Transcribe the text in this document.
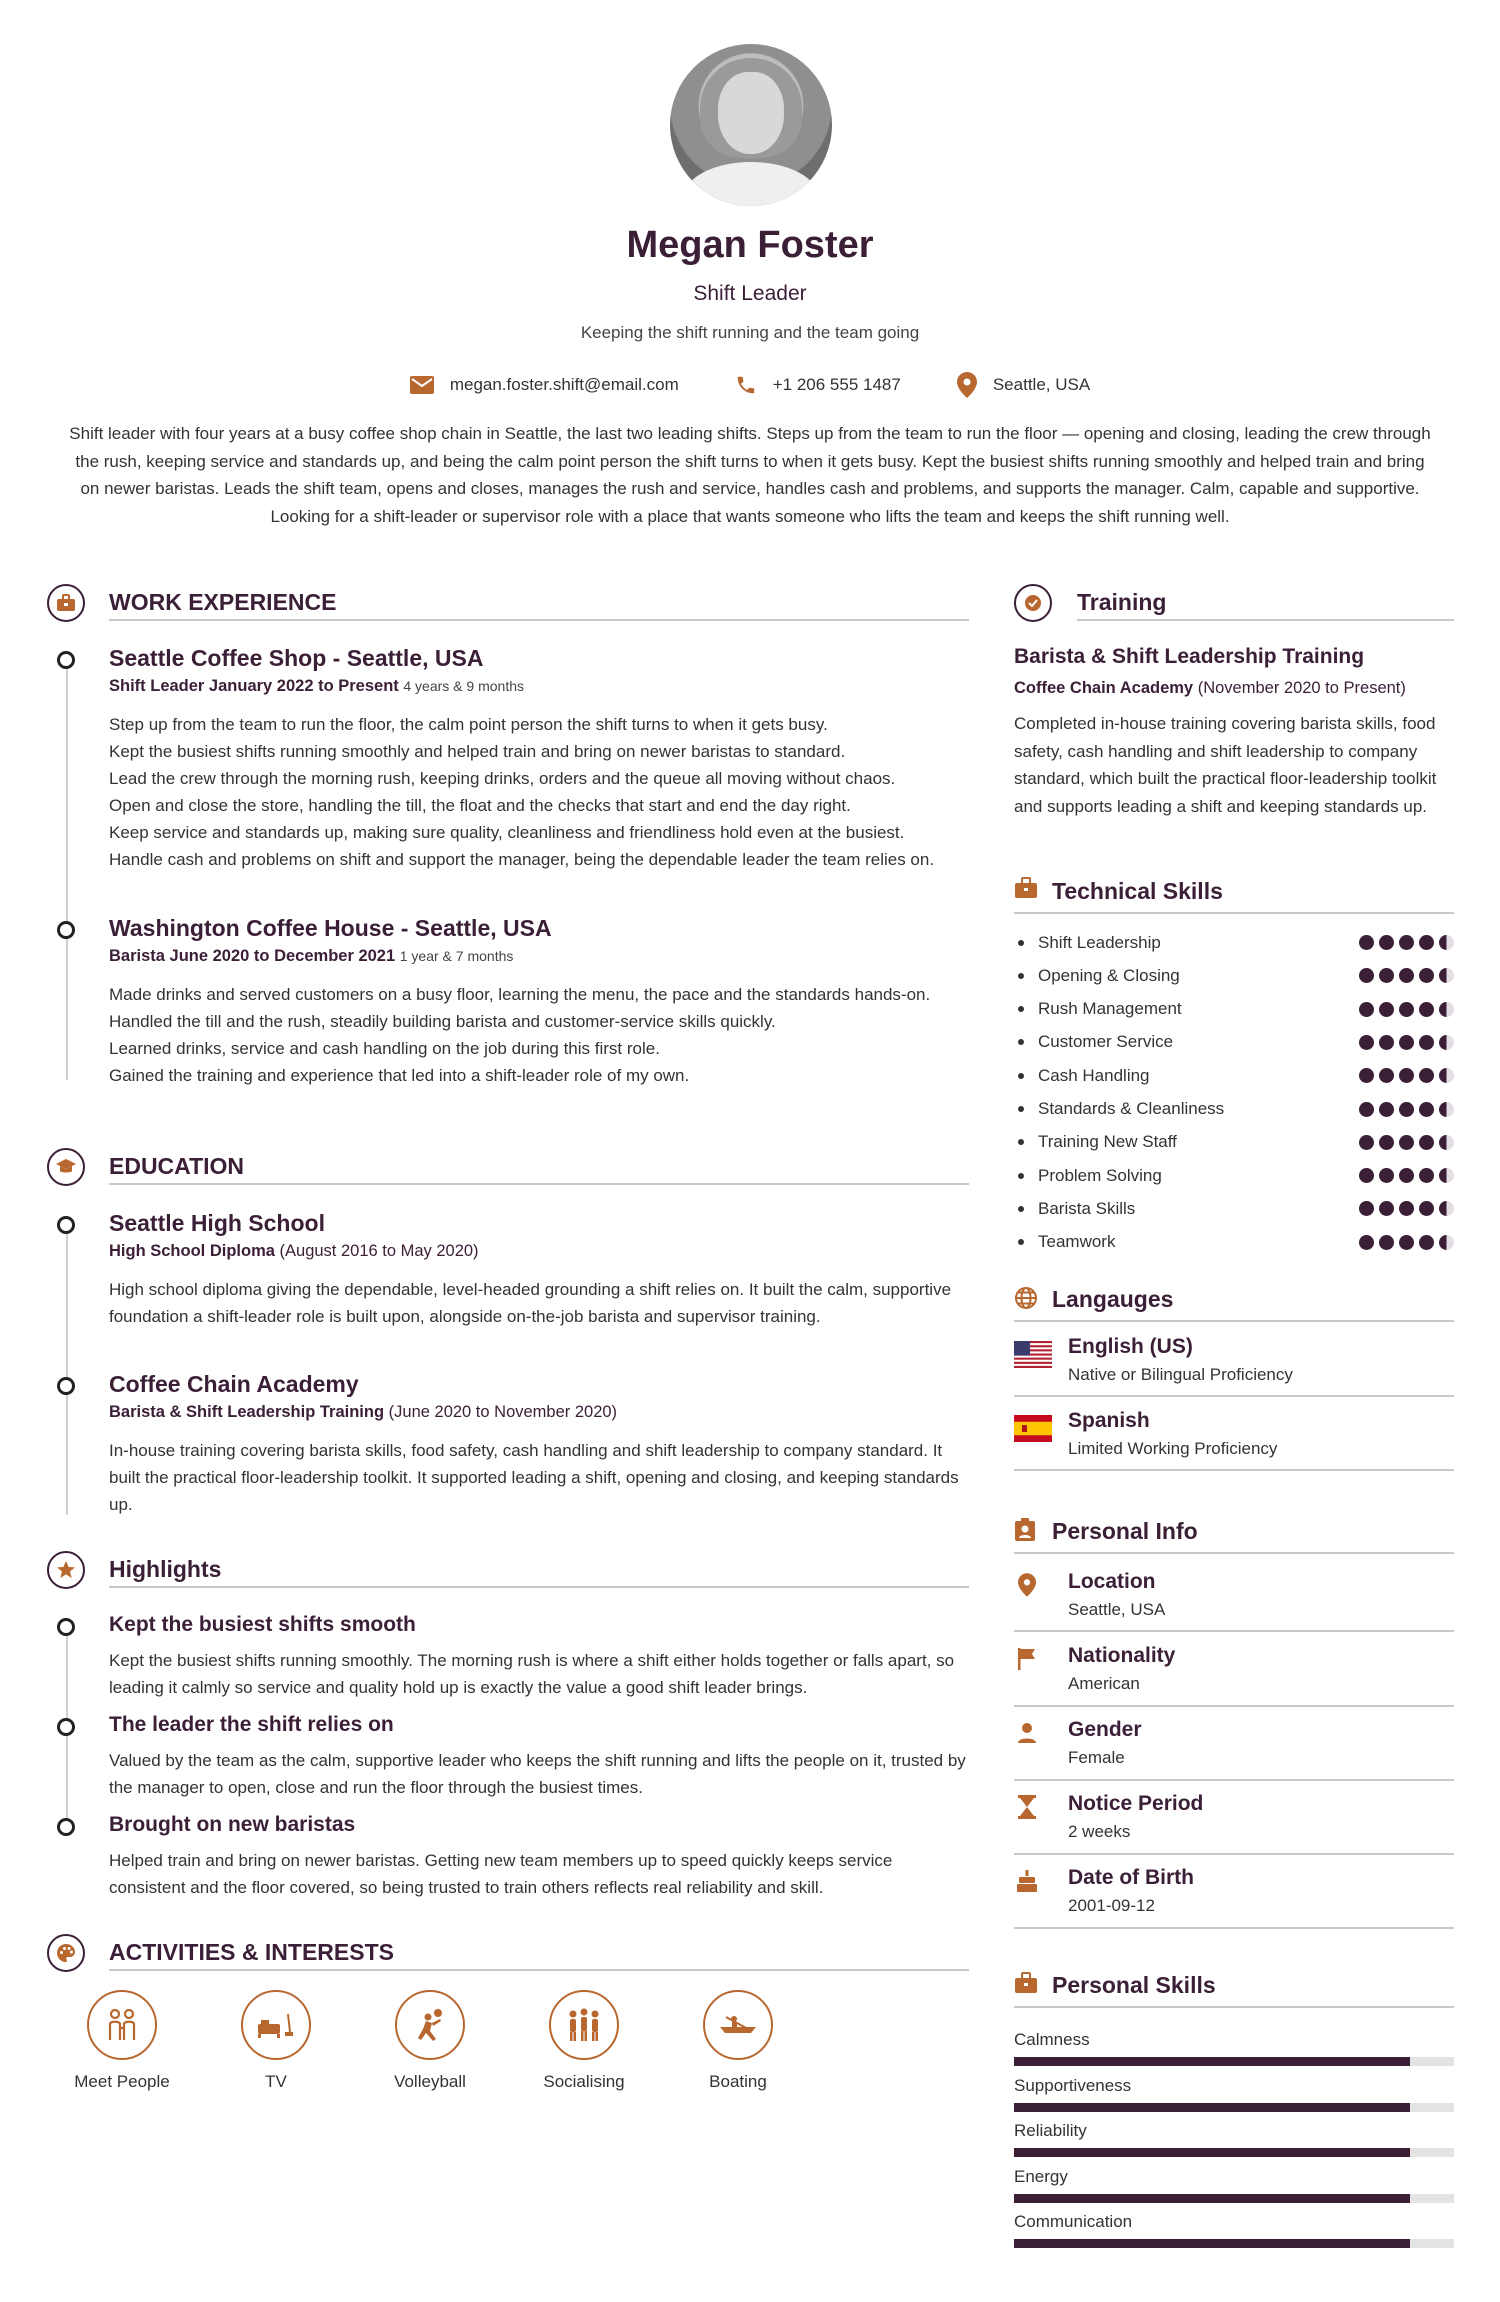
Megan Foster
Shift Leader
Keeping the shift running and the team going
megan.foster.shift@email.com	+1 206 555 1487	Seattle, USA
Shift leader with four years at a busy coffee shop chain in Seattle, the last two leading shifts. Steps up from the team to run the floor — opening and closing, leading the crew through the rush, keeping service and standards up, and being the calm point person the shift turns to when it gets busy. Kept the busiest shifts running smoothly and helped train and bring on newer baristas. Leads the shift team, opens and closes, manages the rush and service, handles cash and problems, and supports the manager. Calm, capable and supportive. Looking for a shift-leader or supervisor role with a place that wants someone who lifts the team and keeps the shift running well.
WORK EXPERIENCE
Seattle Coffee Shop - Seattle, USA
Shift Leader January 2022 to Present 4 years & 9 months
Step up from the team to run the floor, the calm point person the shift turns to when it gets busy.
Kept the busiest shifts running smoothly and helped train and bring on newer baristas to standard.
Lead the crew through the morning rush, keeping drinks, orders and the queue all moving without chaos.
Open and close the store, handling the till, the float and the checks that start and end the day right.
Keep service and standards up, making sure quality, cleanliness and friendliness hold even at the busiest.
Handle cash and problems on shift and support the manager, being the dependable leader the team relies on.
Washington Coffee House - Seattle, USA
Barista June 2020 to December 2021 1 year & 7 months
Made drinks and served customers on a busy floor, learning the menu, the pace and the standards hands-on.
Handled the till and the rush, steadily building barista and customer-service skills quickly.
Learned drinks, service and cash handling on the job during this first role.
Gained the training and experience that led into a shift-leader role of my own.
EDUCATION
Seattle High School
High School Diploma (August 2016 to May 2020)
High school diploma giving the dependable, level-headed grounding a shift relies on. It built the calm, supportive foundation a shift-leader role is built upon, alongside on-the-job barista and supervisor training.
Coffee Chain Academy
Barista & Shift Leadership Training (June 2020 to November 2020)
In-house training covering barista skills, food safety, cash handling and shift leadership to company standard. It built the practical floor-leadership toolkit. It supported leading a shift, opening and closing, and keeping standards up.
Highlights
Kept the busiest shifts smooth
Kept the busiest shifts running smoothly. The morning rush is where a shift either holds together or falls apart, so leading it calmly so service and quality hold up is exactly the value a good shift leader brings.
The leader the shift relies on
Valued by the team as the calm, supportive leader who keeps the shift running and lifts the people on it, trusted by the manager to open, close and run the floor through the busiest times.
Brought on new baristas
Helped train and bring on newer baristas. Getting new team members up to speed quickly keeps service consistent and the floor covered, so being trusted to train others reflects real reliability and skill.
ACTIVITIES & INTERESTS
Meet People	TV	Volleyball	Socialising	Boating
Training
Barista & Shift Leadership Training
Coffee Chain Academy (November 2020 to Present)
Completed in-house training covering barista skills, food safety, cash handling and shift leadership to company standard, which built the practical floor-leadership toolkit and supports leading a shift and keeping standards up.
Technical Skills
Shift Leadership
Opening & Closing
Rush Management
Customer Service
Cash Handling
Standards & Cleanliness
Training New Staff
Problem Solving
Barista Skills
Teamwork
Langauges
English (US)
Native or Bilingual Proficiency
Spanish
Limited Working Proficiency
Personal Info
Location
Seattle, USA
Nationality
American
Gender
Female
Notice Period
2 weeks
Date of Birth
2001-09-12
Personal Skills
Calmness
Supportiveness
Reliability
Energy
Communication
